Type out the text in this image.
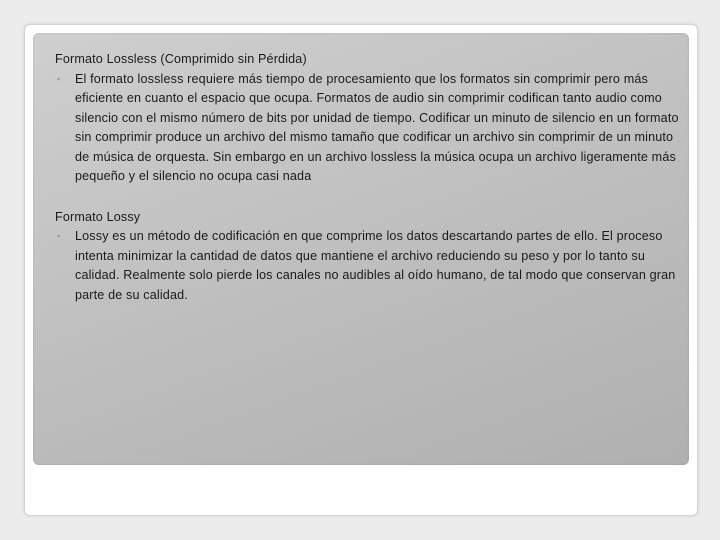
Formato Lossless (Comprimido sin Pérdida)

▪	El formato lossless requiere más tiempo de procesamiento que los formatos sin comprimir pero más eficiente en cuanto el espacio que ocupa. Formatos de audio sin comprimir codifican tanto audio como silencio con el mismo número de bits por unidad de tiempo. Codificar un minuto de silencio en un formato sin comprimir produce un archivo del mismo tamaño que codificar un archivo sin comprimir de un minuto de música de orquesta. Sin embargo en un archivo lossless la música ocupa un archivo ligeramente más pequeño y el silencio no ocupa casi nada

Formato Lossy

▪	Lossy es un método de codificación en que comprime los datos descartando partes de ello. El proceso intenta minimizar la cantidad de datos que mantiene el archivo reduciendo su peso y por lo tanto su calidad. Realmente solo pierde los canales no audibles al oído humano, de tal modo que conservan gran parte de su calidad.
